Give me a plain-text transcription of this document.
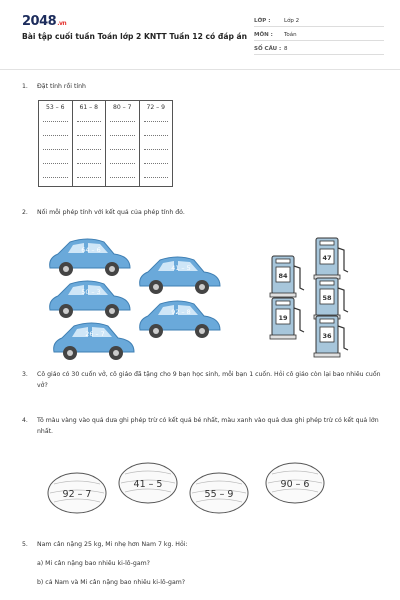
2048.vn
Bài tập cuối tuần Toán lớp 2 KNTT Tuần 12 có đáp án
LỚP : Lớp 2
MÔN : Toán
SỐ CÂU : 8
1. Đặt tính rồi tính
53 – 6	61 – 8	80 – 7	72 – 9
2. Nối mỗi phép tính với kết quả của phép tính đó.
64 – 6
41 – 5
50 – 3
92 – 8
26 – 7
47
84
58
19
36
3. Cô giáo có 30 cuốn vở, cô giáo đã tặng cho 9 bạn học sinh, mỗi bạn 1 cuốn. Hỏi cô giáo còn lại bao nhiêu cuốn vở?
4. Tô màu vàng vào quả dưa ghi phép trừ có kết quả bé nhất, màu xanh vào quả dưa ghi phép trừ có kết quả lớn nhất.
92 – 7
41 – 5
55 – 9
90 – 6
5. Nam cân nặng 25 kg, Mi nhẹ hơn Nam 7 kg. Hỏi:
a) Mi cân nặng bao nhiêu ki-lô-gam?
b) cả Nam và Mi cân nặng bao nhiêu ki-lô-gam?
